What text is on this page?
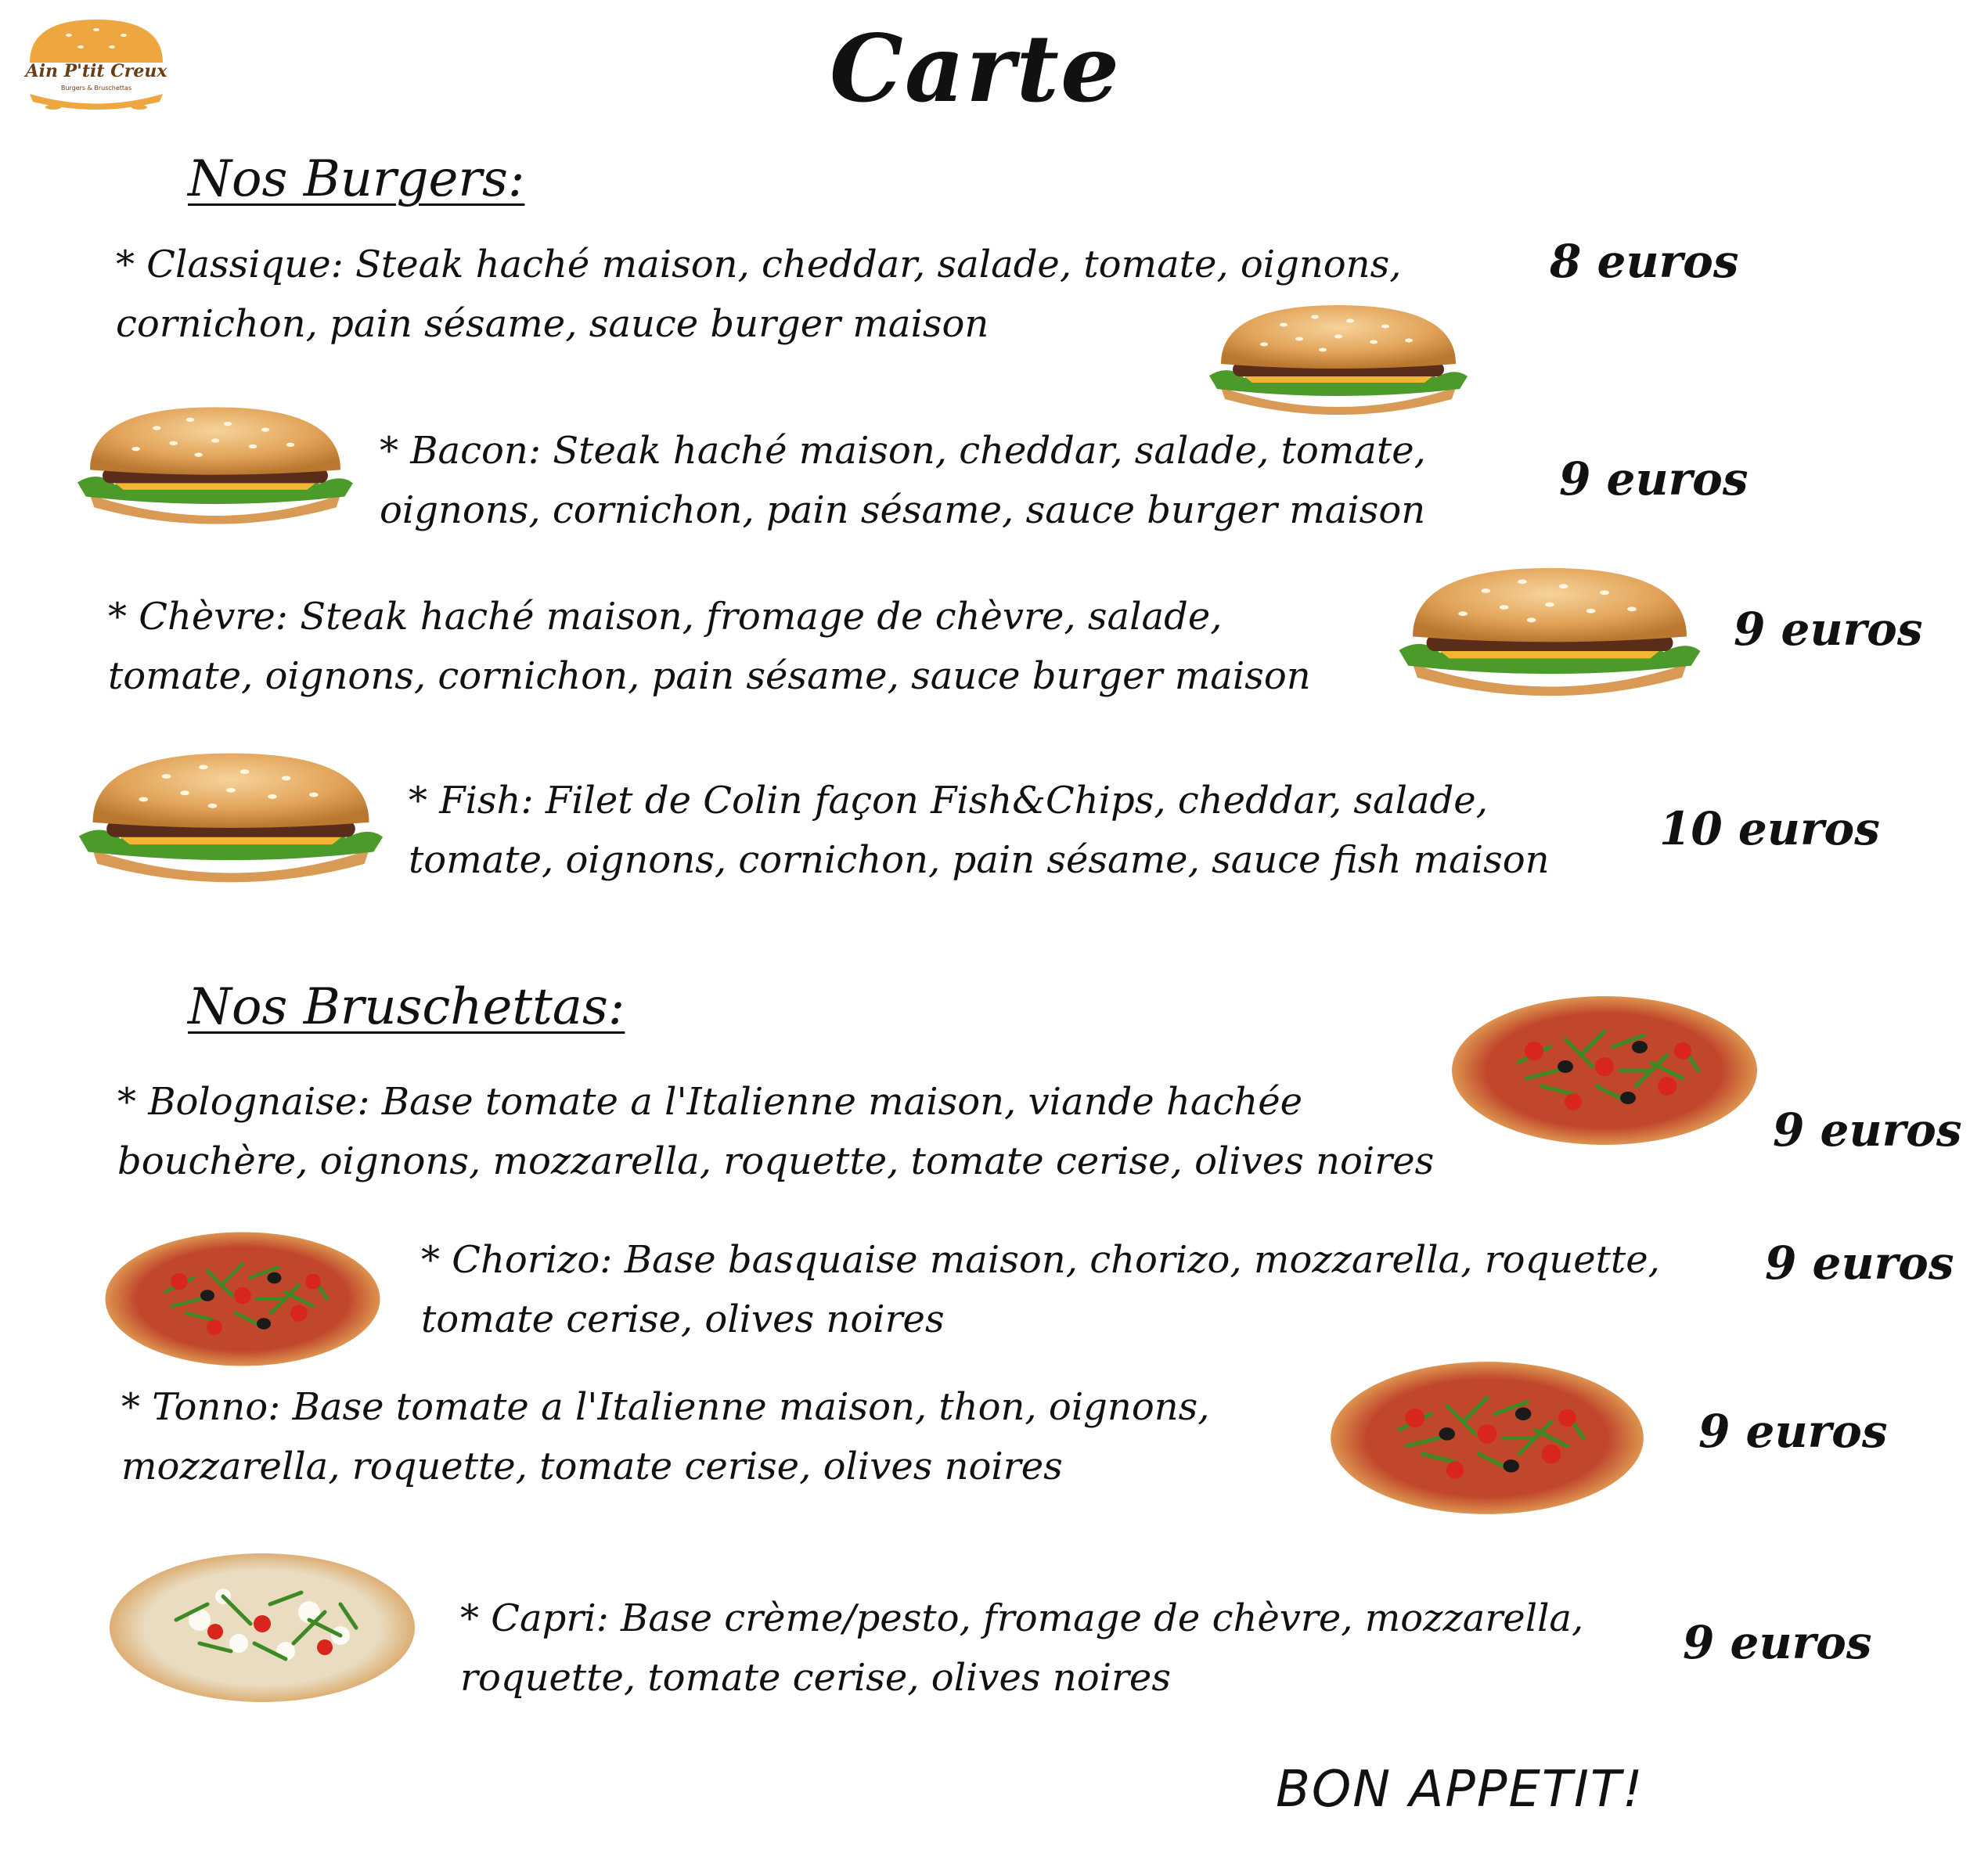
Ain P'tit Creux
Burgers & Bruschettas	Carte
Nos Burgers:
* Classique: Steak haché maison, cheddar, salade, tomate, oignons,
cornichon, pain sésame, sauce burger maison
8 euros
* Bacon: Steak haché maison, cheddar, salade, tomate,
oignons, cornichon, pain sésame, sauce burger maison
9 euros
* Chèvre: Steak haché maison, fromage de chèvre, salade,
tomate, oignons, cornichon, pain sésame, sauce burger maison
9 euros
* Fish: Filet de Colin façon Fish&Chips, cheddar, salade,
tomate, oignons, cornichon, pain sésame, sauce fish maison
10 euros
Nos Bruschettas:
* Bolognaise: Base tomate a l'Italienne maison, viande hachée
bouchère, oignons, mozzarella, roquette, tomate cerise, olives noires
9 euros
* Chorizo: Base basquaise maison, chorizo, mozzarella, roquette,
tomate cerise, olives noires
9 euros
* Tonno: Base tomate a l'Italienne maison, thon, oignons,
mozzarella, roquette, tomate cerise, olives noires
9 euros
* Capri: Base crème/pesto, fromage de chèvre, mozzarella,
roquette, tomate cerise, olives noires
9 euros
BON APPETIT!
